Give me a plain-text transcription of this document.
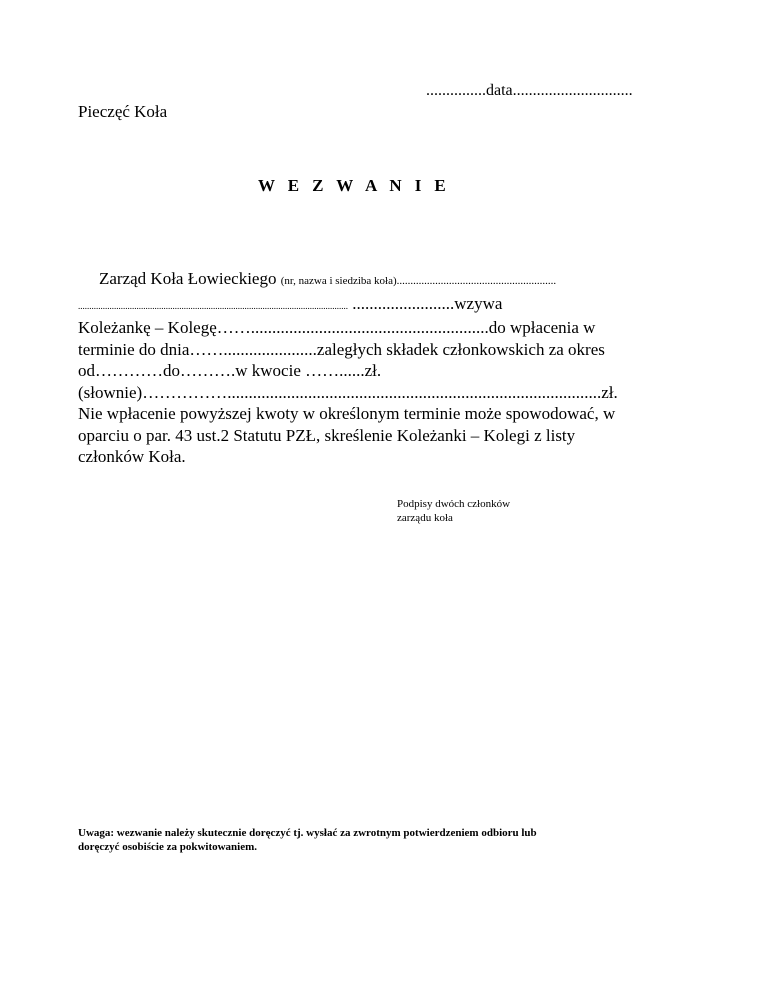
...............data..............................
Pieczęć Koła
W E Z W A N I E
Zarząd Koła Łowieckiego (nr, nazwa i siedziba koła)..........................................................
........................................................................................................................ ........................wzywa
Koleżankę – Kolegę……........................................................do wpłacenia w
terminie do dnia……......................zaległych składek członkowskich za okres
od…………do……….w kwocie ……......zł.
(słownie)……………........................................................................................zł.
Nie wpłacenie powyższej kwoty w określonym terminie może spowodować, w
oparciu o par. 43 ust.2 Statutu PZŁ, skreślenie Koleżanki – Kolegi z listy
członków Koła.
Podpisy dwóch członków
zarządu koła
Uwaga: wezwanie należy skutecznie doręczyć tj. wysłać za zwrotnym potwierdzeniem odbioru lub
doręczyć osobiście za pokwitowaniem.
